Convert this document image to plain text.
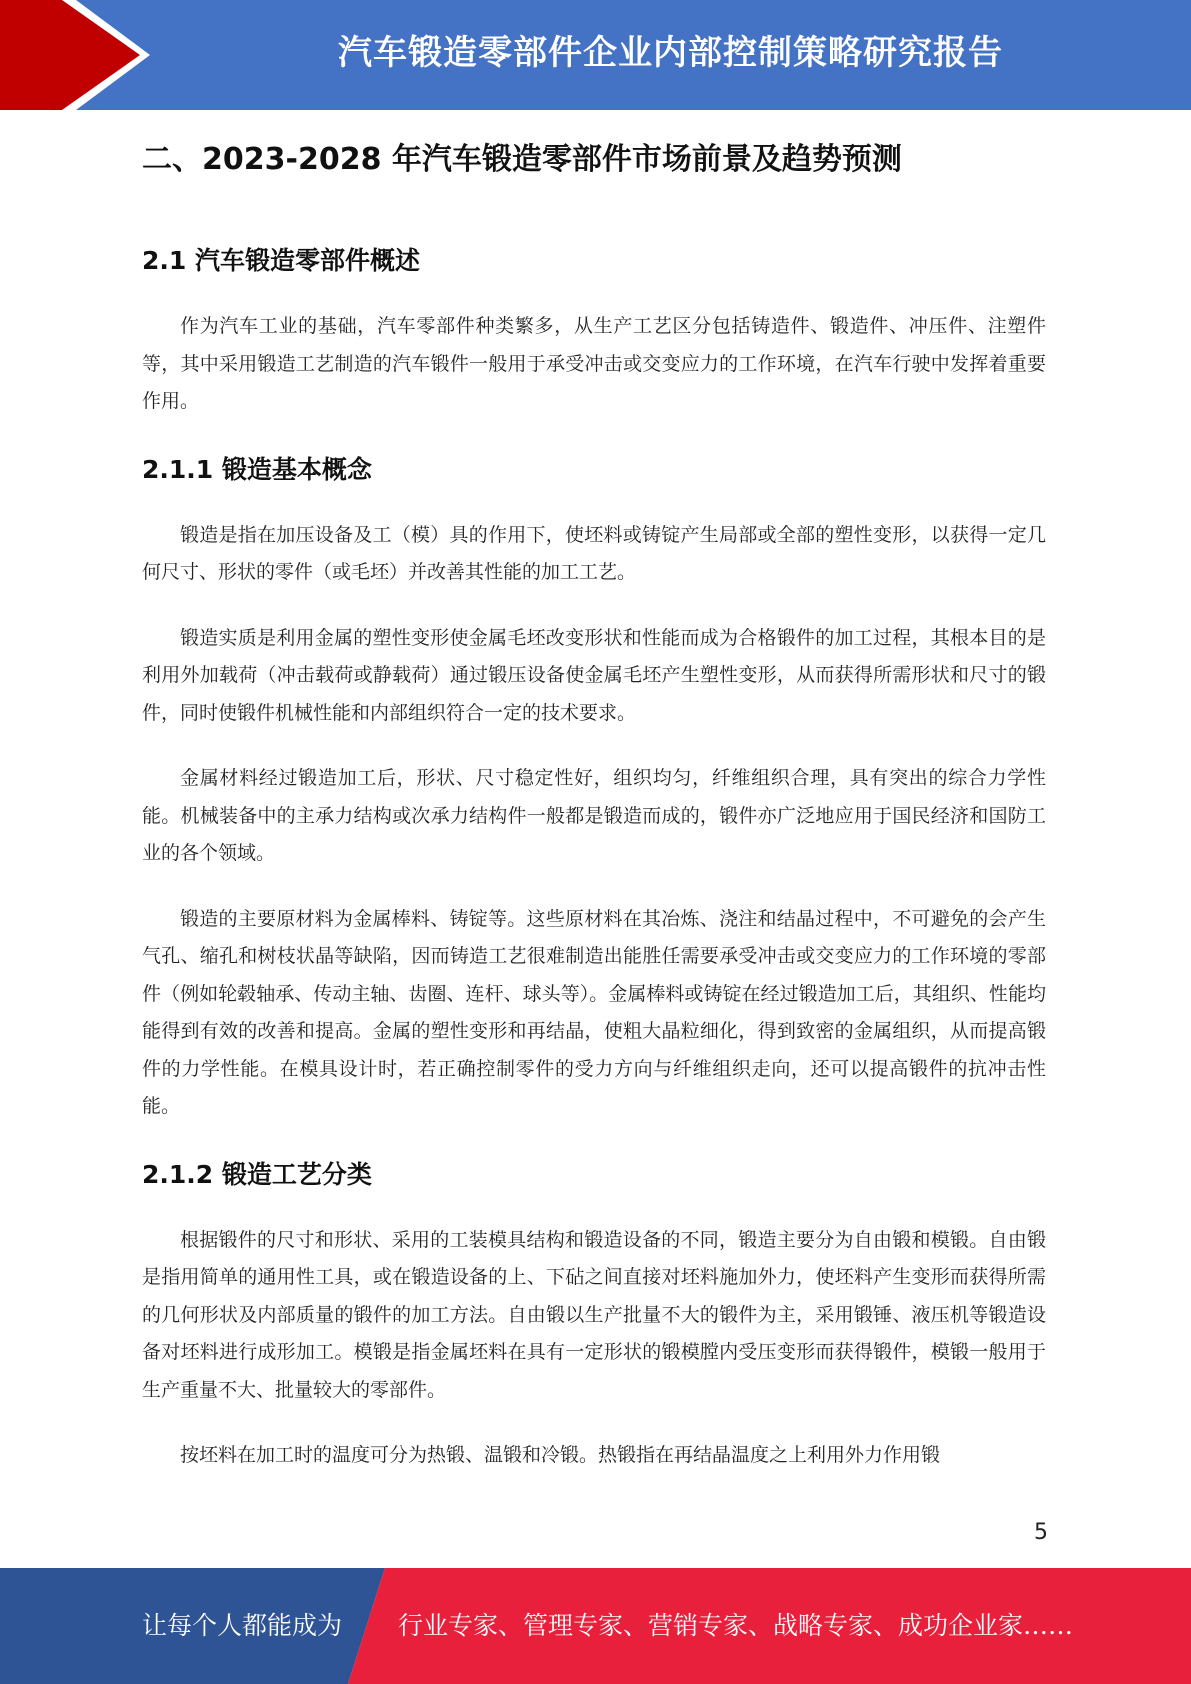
汽车锻造零部件企业内部控制策略研究报告
二、2023-2028 年汽车锻造零部件市场前景及趋势预测
2.1 汽车锻造零部件概述

作为汽车工业的基础，汽车零部件种类繁多，从生产工艺区分包括铸造件、锻造件、冲压件、注塑件等，其中采用锻造工艺制造的汽车锻件一般用于承受冲击或交变应力的工作环境，在汽车行驶中发挥着重要作用。

2.1.1 锻造基本概念

锻造是指在加压设备及工（模）具的作用下，使坯料或铸锭产生局部或全部的塑性变形，以获得一定几何尺寸、形状的零件（或毛坯）并改善其性能的加工工艺。

锻造实质是利用金属的塑性变形使金属毛坯改变形状和性能而成为合格锻件的加工过程，其根本目的是利用外加载荷（冲击载荷或静载荷）通过锻压设备使金属毛坯产生塑性变形，从而获得所需形状和尺寸的锻件，同时使锻件机械性能和内部组织符合一定的技术要求。

金属材料经过锻造加工后，形状、尺寸稳定性好，组织均匀，纤维组织合理，具有突出的综合力学性能。机械装备中的主承力结构或次承力结构件一般都是锻造而成的，锻件亦广泛地应用于国民经济和国防工业的各个领域。

锻造的主要原材料为金属棒料、铸锭等。这些原材料在其冶炼、浇注和结晶过程中，不可避免的会产生气孔、缩孔和树枝状晶等缺陷，因而铸造工艺很难制造出能胜任需要承受冲击或交变应力的工作环境的零部件（例如轮毂轴承、传动主轴、齿圈、连杆、球头等）。金属棒料或铸锭在经过锻造加工后，其组织、性能均能得到有效的改善和提高。金属的塑性变形和再结晶，使粗大晶粒细化，得到致密的金属组织，从而提高锻件的力学性能。在模具设计时，若正确控制零件的受力方向与纤维组织走向，还可以提高锻件的抗冲击性能。

2.1.2 锻造工艺分类

根据锻件的尺寸和形状、采用的工装模具结构和锻造设备的不同，锻造主要分为自由锻和模锻。自由锻是指用简单的通用性工具，或在锻造设备的上、下砧之间直接对坯料施加外力，使坯料产生变形而获得所需的几何形状及内部质量的锻件的加工方法。自由锻以生产批量不大的锻件为主，采用锻锤、液压机等锻造设备对坯料进行成形加工。模锻是指金属坯料在具有一定形状的锻模膛内受压变形而获得锻件，模锻一般用于生产重量不大、批量较大的零部件。

按坯料在加工时的温度可分为热锻、温锻和冷锻。热锻指在再结晶温度之上利用外力作用锻

5
让每个人都能成为 行业专家、管理专家、营销专家、战略专家、成功企业家……
